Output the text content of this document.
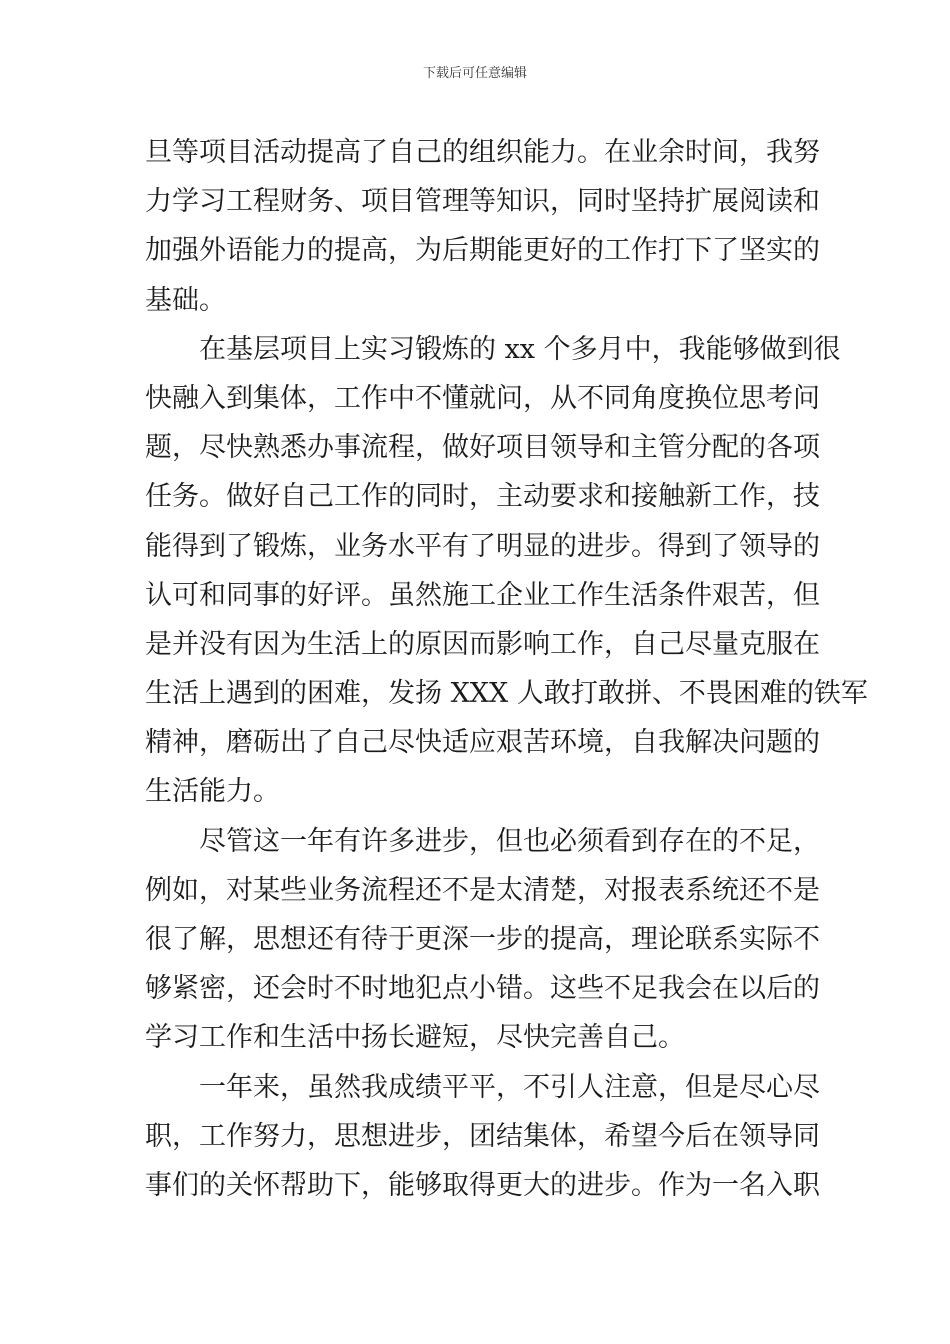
下载后可任意编辑
旦等项目活动提高了自己的组织能力。在业余时间，我努
力学习工程财务、项目管理等知识，同时坚持扩展阅读和
加强外语能力的提高，为后期能更好的工作打下了坚实的
基础。
在基层项目上实习锻炼的 xx 个多月中，我能够做到很
快融入到集体，工作中不懂就问，从不同角度换位思考问
题，尽快熟悉办事流程，做好项目领导和主管分配的各项
任务。做好自己工作的同时，主动要求和接触新工作，技
能得到了锻炼，业务水平有了明显的进步。得到了领导的
认可和同事的好评。虽然施工企业工作生活条件艰苦，但
是并没有因为生活上的原因而影响工作，自己尽量克服在
生活上遇到的困难，发扬 XXX 人敢打敢拼、不畏困难的铁军
精神，磨砺出了自己尽快适应艰苦环境，自我解决问题的
生活能力。
尽管这一年有许多进步，但也必须看到存在的不足，
例如，对某些业务流程还不是太清楚，对报表系统还不是
很了解，思想还有待于更深一步的提高，理论联系实际不
够紧密，还会时不时地犯点小错。这些不足我会在以后的
学习工作和生活中扬长避短，尽快完善自己。
一年来，虽然我成绩平平，不引人注意，但是尽心尽
职，工作努力，思想进步，团结集体，希望今后在领导同
事们的关怀帮助下，能够取得更大的进步。作为一名入职
